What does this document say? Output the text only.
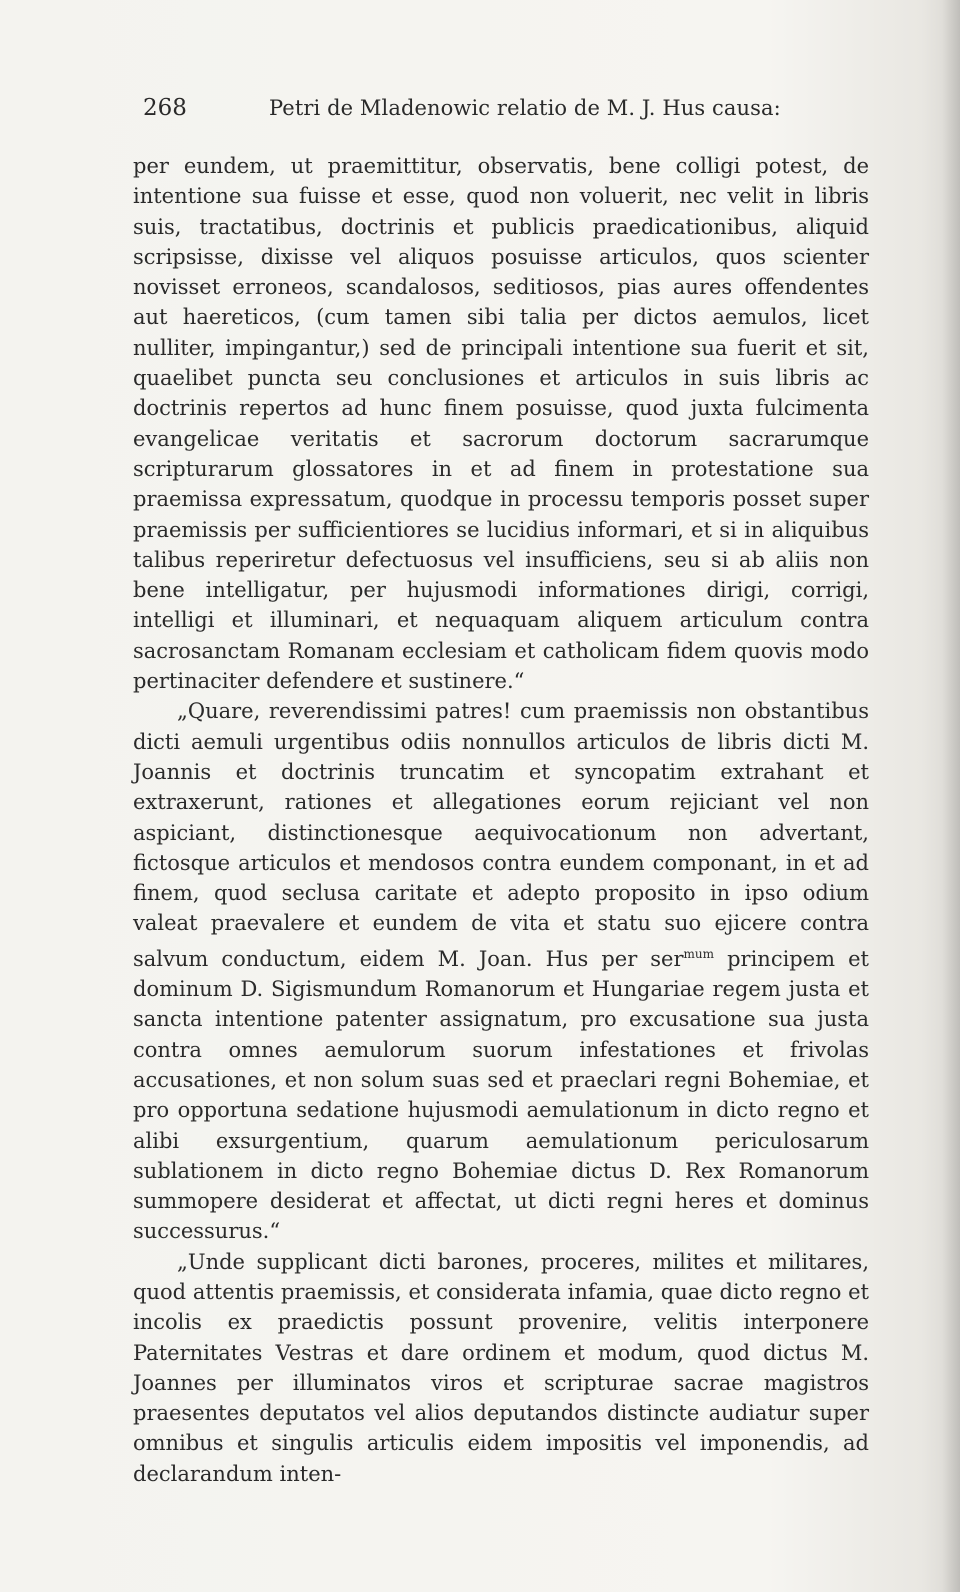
268	Petri de Mladenowic relatio de M. J. Hus causa:

per eundem, ut praemittitur, observatis, bene colligi potest, de intentione sua fuisse et esse, quod non voluerit, nec velit in libris suis, tractatibus, doctrinis et publicis praedicationibus, aliquid scripsisse, dixisse vel aliquos posuisse articulos, quos scienter novisset erroneos, scandalosos, seditiosos, pias aures offendentes aut haereticos, (cum tamen sibi talia per dictos aemulos, licet nulliter, impingantur,) sed de principali intentione sua fuerit et sit, quaelibet puncta seu conclusiones et articulos in suis libris ac doctrinis repertos ad hunc finem posuisse, quod juxta fulcimenta evangelicae veritatis et sacrorum doctorum sacrarumque scripturarum glossatores in et ad finem in protestatione sua praemissa expressatum, quodque in processu temporis posset super praemissis per sufficientiores se lucidius informari, et si in aliquibus talibus reperiretur defectuosus vel insufficiens, seu si ab aliis non bene intelligatur, per hujusmodi informationes dirigi, corrigi, intelligi et illuminari, et nequaquam aliquem articulum contra sacrosanctam Romanam ecclesiam et catholicam fidem quovis modo pertinaciter defendere et sustinere.“

„Quare, reverendissimi patres! cum praemissis non obstantibus dicti aemuli urgentibus odiis nonnullos articulos de libris dicti M. Joannis et doctrinis truncatim et syncopatim extrahant et extraxerunt, rationes et allegationes eorum rejiciant vel non aspiciant, distinctionesque aequivocationum non advertant, fictosque articulos et mendosos contra eundem componant, in et ad finem, quod seclusa caritate et adepto proposito in ipso odium valeat praevalere et eundem de vita et statu suo ejicere contra salvum conductum, eidem M. Joan. Hus per ser$^{mum}$ principem et dominum D. Sigismundum Romanorum et Hungariae regem justa et sancta intentione patenter assignatum, pro excusatione sua justa contra omnes aemulorum suorum infestationes et frivolas accusationes, et non solum suas sed et praeclari regni Bohemiae, et pro opportuna sedatione hujusmodi aemulationum in dicto regno et alibi exsurgentium, quarum aemulationum periculosarum sublationem in dicto regno Bohemiae dictus D. Rex Romanorum summopere desiderat et affectat, ut dicti regni heres et dominus successurus.“

„Unde supplicant dicti barones, proceres, milites et militares, quod attentis praemissis, et considerata infamia, quae dicto regno et incolis ex praedictis possunt provenire, velitis interponere Paternitates Vestras et dare ordinem et modum, quod dictus M. Joannes per illuminatos viros et scripturae sacrae magistros praesentes deputatos vel alios deputandos distincte audiatur super omnibus et singulis articulis eidem impositis vel imponendis, ad declarandum inten-
